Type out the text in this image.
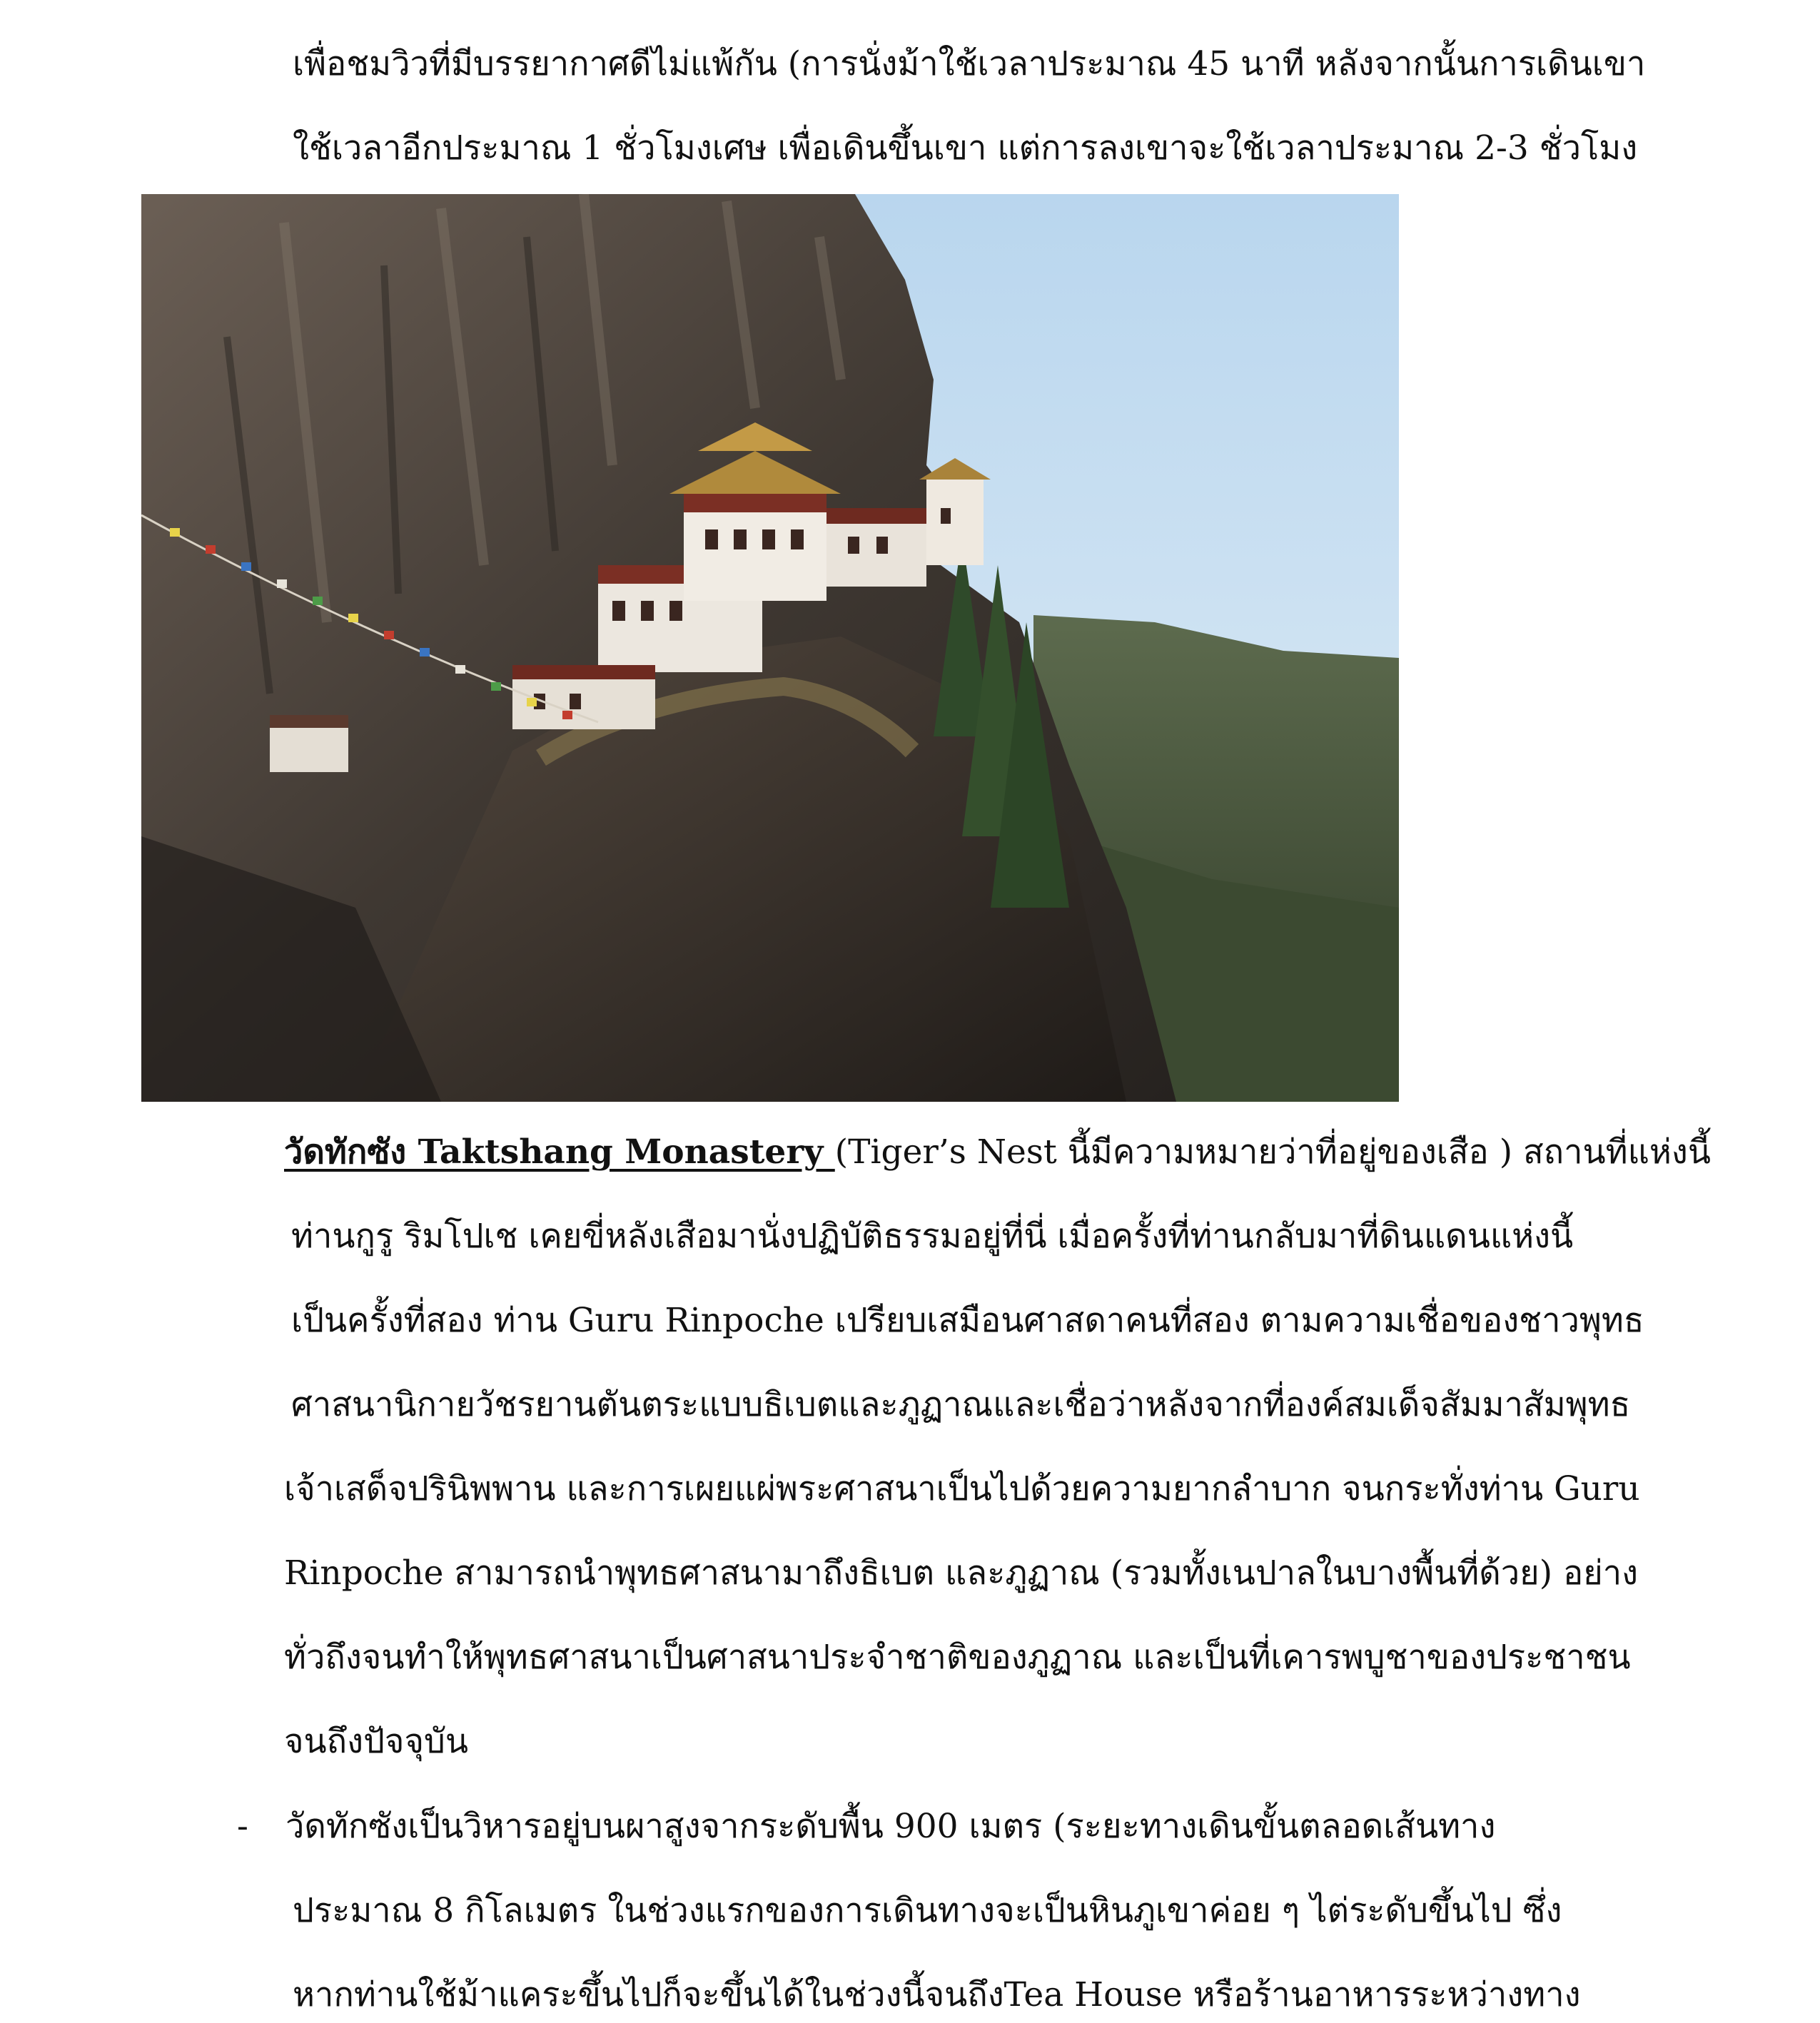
เพื่อชมวิวที่มีบรรยากาศดีไม่แพ้กัน (การนั่งม้าใช้เวลาประมาณ 45 นาที หลังจากนั้นการเดินเขา
ใช้เวลาอีกประมาณ 1 ชั่วโมงเศษ เพื่อเดินขึ้นเขา แต่การลงเขาจะใช้เวลาประมาณ 2-3 ชั่วโมง
วัดทักซัง Taktshang Monastery (Tiger’s Nest นี้มีความหมายว่าที่อยู่ของเสือ ) สถานที่แห่งนี้
ท่านกูรู ริมโปเช เคยขี่หลังเสือมานั่งปฏิบัติธรรมอยู่ที่นี่ เมื่อครั้งที่ท่านกลับมาที่ดินแดนแห่งนี้
เป็นครั้งที่สอง ท่าน Guru Rinpoche เปรียบเสมือนศาสดาคนที่สอง ตามความเชื่อของชาวพุทธ
ศาสนานิกายวัชรยานตันตระแบบธิเบตและภูฏาณและเชื่อว่าหลังจากที่องค์สมเด็จสัมมาสัมพุทธ
เจ้าเสด็จปรินิพพาน และการเผยแผ่พระศาสนาเป็นไปด้วยความยากลำบาก จนกระทั่งท่าน Guru
Rinpoche สามารถนำพุทธศาสนามาถึงธิเบต และภูฏาณ (รวมทั้งเนปาลในบางพื้นที่ด้วย) อย่าง
ทั่วถึงจนทำให้พุทธศาสนาเป็นศาสนาประจำชาติของภูฏาณ และเป็นที่เคารพบูชาของประชาชน
จนถึงปัจจุบัน
- วัดทักซังเป็นวิหารอยู่บนผาสูงจากระดับพื้น 900 เมตร (ระยะทางเดินขั้นตลอดเส้นทาง
ประมาณ 8 กิโลเมตร ในช่วงแรกของการเดินทางจะเป็นหินภูเขาค่อย ๆ ไต่ระดับขึ้นไป ซึ่ง
หากท่านใช้ม้าแคระขึ้นไปก็จะขึ้นได้ในช่วงนี้จนถึงTea House หรือร้านอาหารระหว่างทาง
